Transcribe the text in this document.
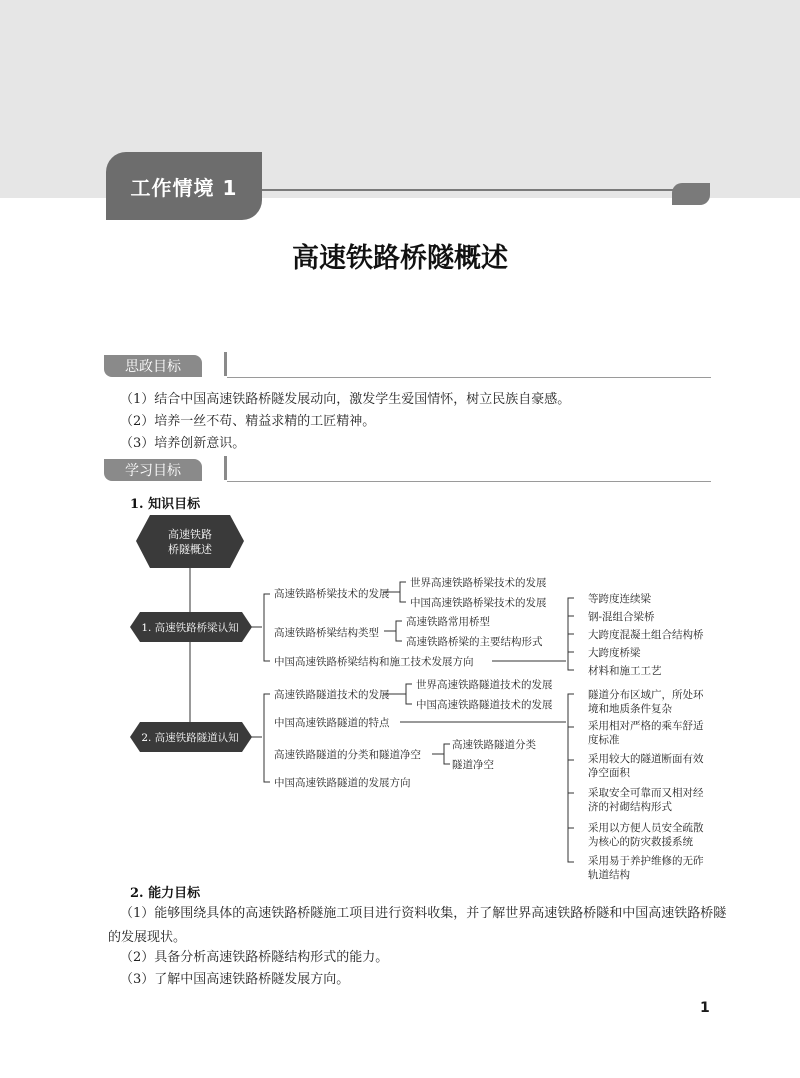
工作情境 1
高速铁路桥隧概述
思政目标
（1）结合中国高速铁路桥隧发展动向，激发学生爱国情怀，树立民族自豪感。
（2）培养一丝不苟、精益求精的工匠精神。
（3）培养创新意识。
学习目标
1. 知识目标
高速铁路
桥隧概述
1. 高速铁路桥梁认知
2. 高速铁路隧道认知
高速铁路桥梁技术的发展
世界高速铁路桥梁技术的发展
中国高速铁路桥梁技术的发展
高速铁路桥梁结构类型
高速铁路常用桥型
高速铁路桥梁的主要结构形式
中国高速铁路桥梁结构和施工技术发展方向
等跨度连续梁
钢-混组合梁桥
大跨度混凝土组合结构桥
大跨度桥梁
材料和施工工艺
高速铁路隧道技术的发展
世界高速铁路隧道技术的发展
中国高速铁路隧道技术的发展
中国高速铁路隧道的特点
高速铁路隧道的分类和隧道净空
高速铁路隧道分类
隧道净空
中国高速铁路隧道的发展方向
隧道分布区域广，所处环
境和地质条件复杂
采用相对严格的乘车舒适
度标准
采用较大的隧道断面有效
净空面积
采取安全可靠而又相对经
济的衬砌结构形式
采用以方便人员安全疏散
为核心的防灾救援系统
采用易于养护维修的无砟
轨道结构
2. 能力目标
（1）能够围绕具体的高速铁路桥隧施工项目进行资料收集，并了解世界高速铁路桥隧和中国高速铁路桥隧的发展现状。
（2）具备分析高速铁路桥隧结构形式的能力。
（3）了解中国高速铁路桥隧发展方向。
1
